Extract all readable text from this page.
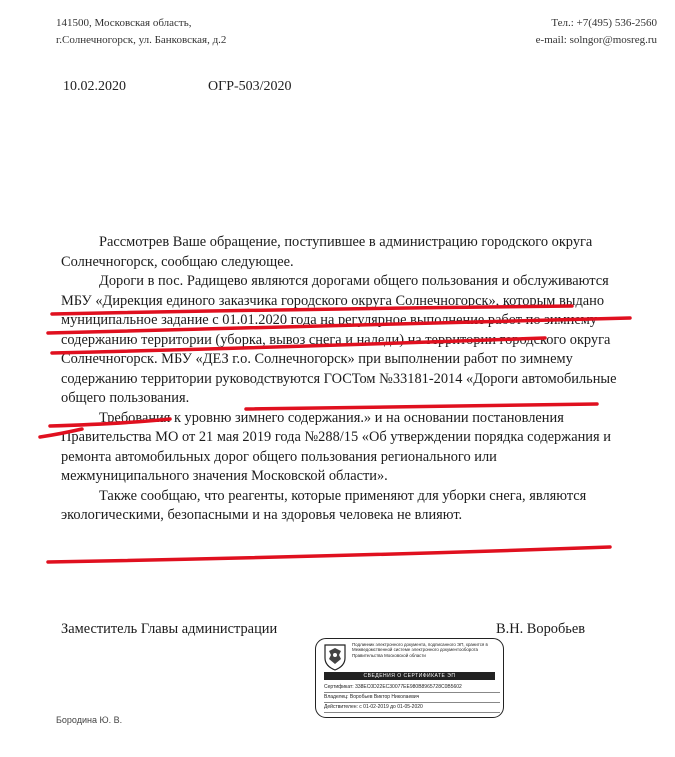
141500, Московская область,
г.Солнечногорск, ул. Банковская, д.2
Тел.: +7(495) 536-2560
e-mail: solngor@mosreg.ru
10.02.2020	ОГР-503/2020

Рассмотрев Ваше обращение, поступившее в администрацию городского округа Солнечногорск, сообщаю следующее.

Дороги в пос. Радищево являются дорогами общего пользования и обслуживаются МБУ «Дирекция единого заказчика городского округа Солнечногорск», которым выдано муниципальное задание с 01.01.2020 года на регулярное выполнение работ по зимнему содержанию территории (уборка, вывоз снега и наледи) на территории городского округа Солнечногорск. МБУ «ДЕЗ г.о. Солнечногорск» при выполнении работ по зимнему содержанию территории руководствуются ГОСТом №33181-2014 «Дороги автомобильные общего пользования.

Требования к уровню зимнего содержания.» и на основании постановления Правительства МО от 21 мая 2019 года №288/15 «Об утверждении порядка содержания и ремонта автомобильных дорог общего пользования регионального или межмуниципального значения Московской области».

Также сообщаю, что реагенты, которые применяют для уборки снега, являются экологическими, безопасными и на здоровья человека не влияют.

Заместитель Главы администрации	В.Н. Воробьев
Подлинник электронного документа, подписанного ЭП, хранится в Межведомственной системе электронного документооборота Правительства Московской области
СВЕДЕНИЯ О СЕРТИФИКАТЕ ЭП
Сертификат: 338EC0D22EC30077EE980B8965728C0B5602
Владелец: Воробьев Виктор Николаевич
Действителен: с 01-02-2019 до 01-05-2020
Бородина Ю. В.
